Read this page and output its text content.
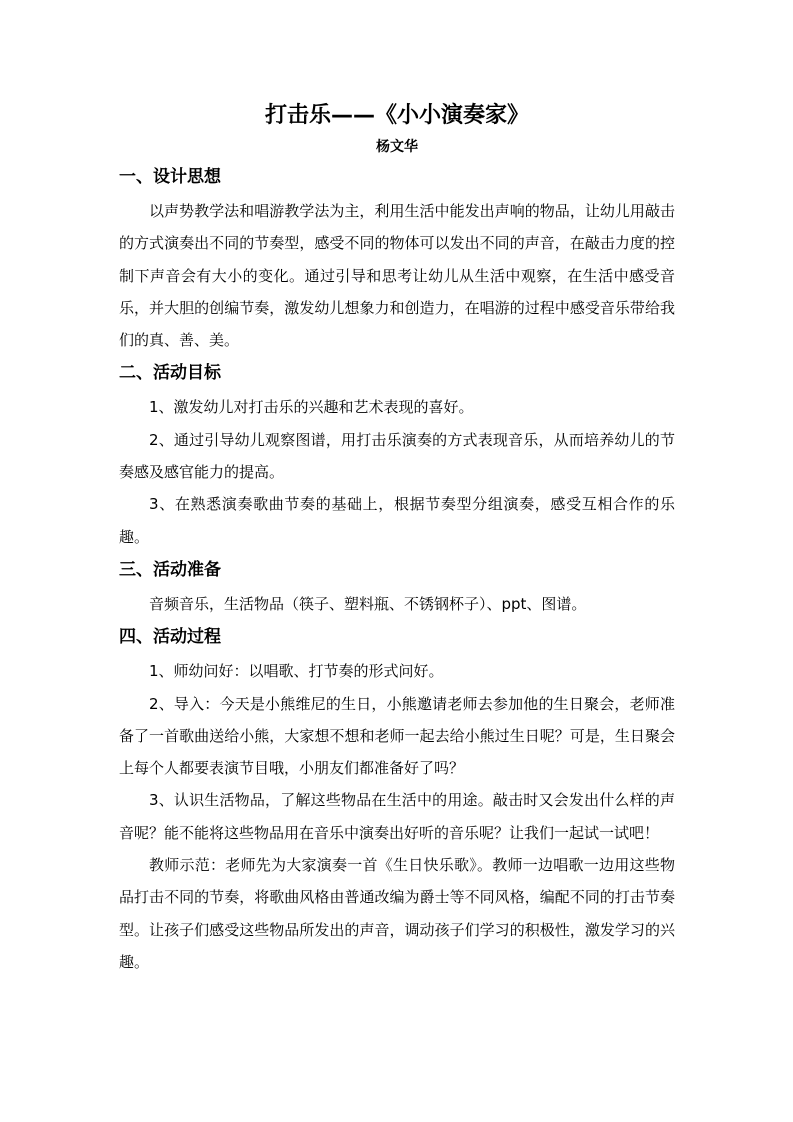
打击乐——《小小演奏家》
杨文华
一、设计思想

以声势教学法和唱游教学法为主，利用生活中能发出声响的物品，让幼儿用敲击的方式演奏出不同的节奏型，感受不同的物体可以发出不同的声音，在敲击力度的控制下声音会有大小的变化。通过引导和思考让幼儿从生活中观察，在生活中感受音乐，并大胆的创编节奏，激发幼儿想象力和创造力，在唱游的过程中感受音乐带给我们的真、善、美。

二、活动目标

1、激发幼儿对打击乐的兴趣和艺术表现的喜好。

2、通过引导幼儿观察图谱，用打击乐演奏的方式表现音乐，从而培养幼儿的节奏感及感官能力的提高。

3、在熟悉演奏歌曲节奏的基础上，根据节奏型分组演奏，感受互相合作的乐趣。

三、活动准备

音频音乐，生活物品（筷子、塑料瓶、不锈钢杯子）、ppt、图谱。

四、活动过程

1、师幼问好：以唱歌、打节奏的形式问好。

2、导入：今天是小熊维尼的生日，小熊邀请老师去参加他的生日聚会，老师准备了一首歌曲送给小熊，大家想不想和老师一起去给小熊过生日呢？可是，生日聚会上每个人都要表演节目哦，小朋友们都准备好了吗？

3、认识生活物品，了解这些物品在生活中的用途。敲击时又会发出什么样的声音呢？能不能将这些物品用在音乐中演奏出好听的音乐呢？让我们一起试一试吧！

教师示范：老师先为大家演奏一首《生日快乐歌》。教师一边唱歌一边用这些物品打击不同的节奏，将歌曲风格由普通改编为爵士等不同风格，编配不同的打击节奏型。让孩子们感受这些物品所发出的声音，调动孩子们学习的积极性，激发学习的兴趣。
